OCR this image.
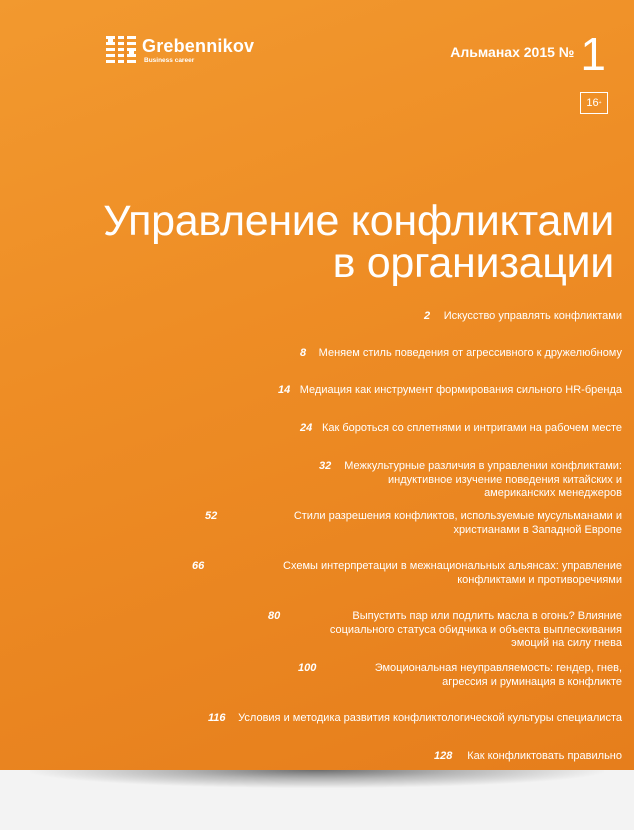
Grebennikov
Business career	Альманах 2015 № 1
16+
Управление конфликтами
в организации
2 Искусство управлять конфликтами
8 Меняем стиль поведения от агрессивного к дружелюбному
14 Медиация как инструмент формирования сильного HR-бренда
24 Как бороться со сплетнями и интригами на рабочем месте
32	Межкультурные различия в управлении конфликтами: индуктивное изучение поведения китайских и американских менеджеров
52	Стили разрешения конфликтов, используемые мусульманами и христианами в Западной Европе
66	Схемы интерпретации в межнациональных альянсах: управление конфликтами и противоречиями
80	Выпустить пар или подлить масла в огонь? Влияние социального статуса обидчика и объекта выплескивания эмоций на силу гнева
100	Эмоциональная неуправляемость: гендер, гнев, агрессия и руминация в конфликте
116 Условия и методика развития конфликтологической культуры специалиста
128 Как конфликтовать правильно
